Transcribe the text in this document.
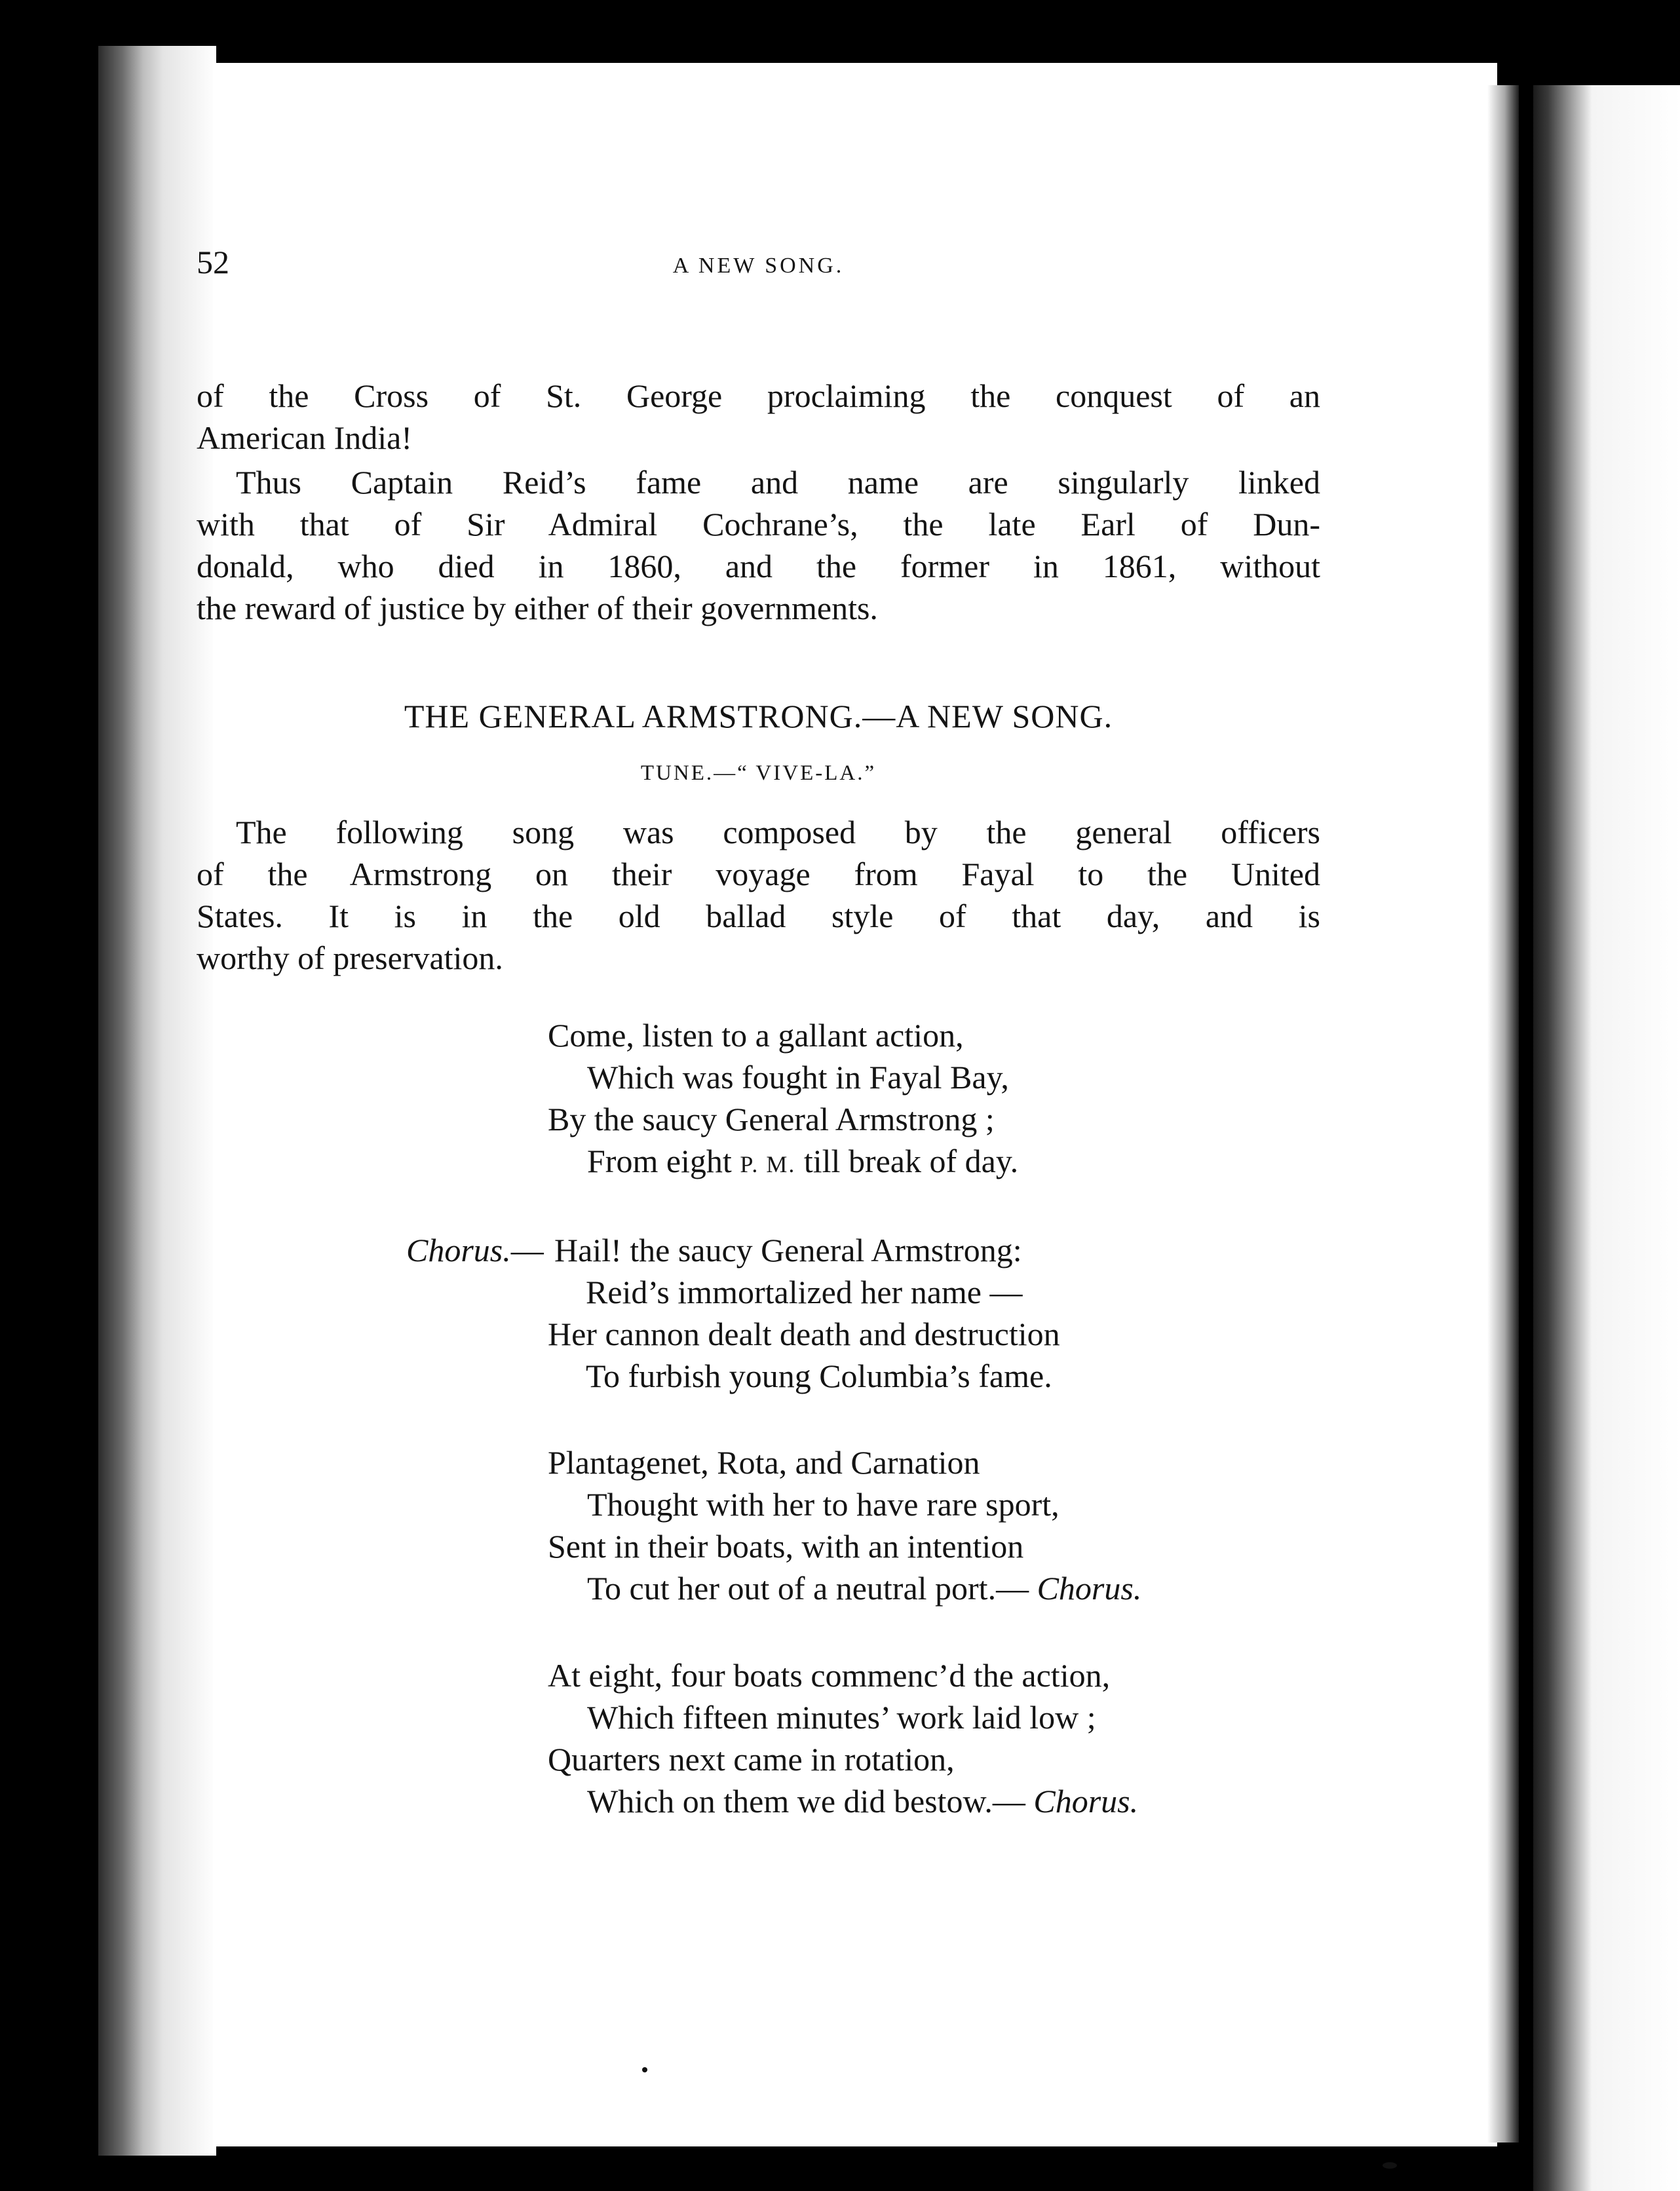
52	A NEW SONG.
of the Cross of St. George proclaiming the conquest of an
American India!
Thus Captain Reid’s fame and name are singularly linked
with that of Sir Admiral Cochrane’s, the late Earl of Dun-
donald, who died in 1860, and the former in 1861, without
the reward of justice by either of their governments.
THE GENERAL ARMSTRONG.—A NEW SONG.
TUNE.—“ VIVE-LA.”
The following song was composed by the general officers
of the Armstrong on their voyage from Fayal to the United
States. It is in the old ballad style of that day, and is
worthy of preservation.
Come, listen to a gallant action,
Which was fought in Fayal Bay,
By the saucy General Armstrong ;
From eight P. M. till break of day.
Chorus.— Hail! the saucy General Armstrong:
Reid’s immortalized her name —
Her cannon dealt death and destruction
To furbish young Columbia’s fame.
Plantagenet, Rota, and Carnation
Thought with her to have rare sport,
Sent in their boats, with an intention
To cut her out of a neutral port.— Chorus.
At eight, four boats commenc’d the action,
Which fifteen minutes’ work laid low ;
Quarters next came in rotation,
Which on them we did bestow.— Chorus.
